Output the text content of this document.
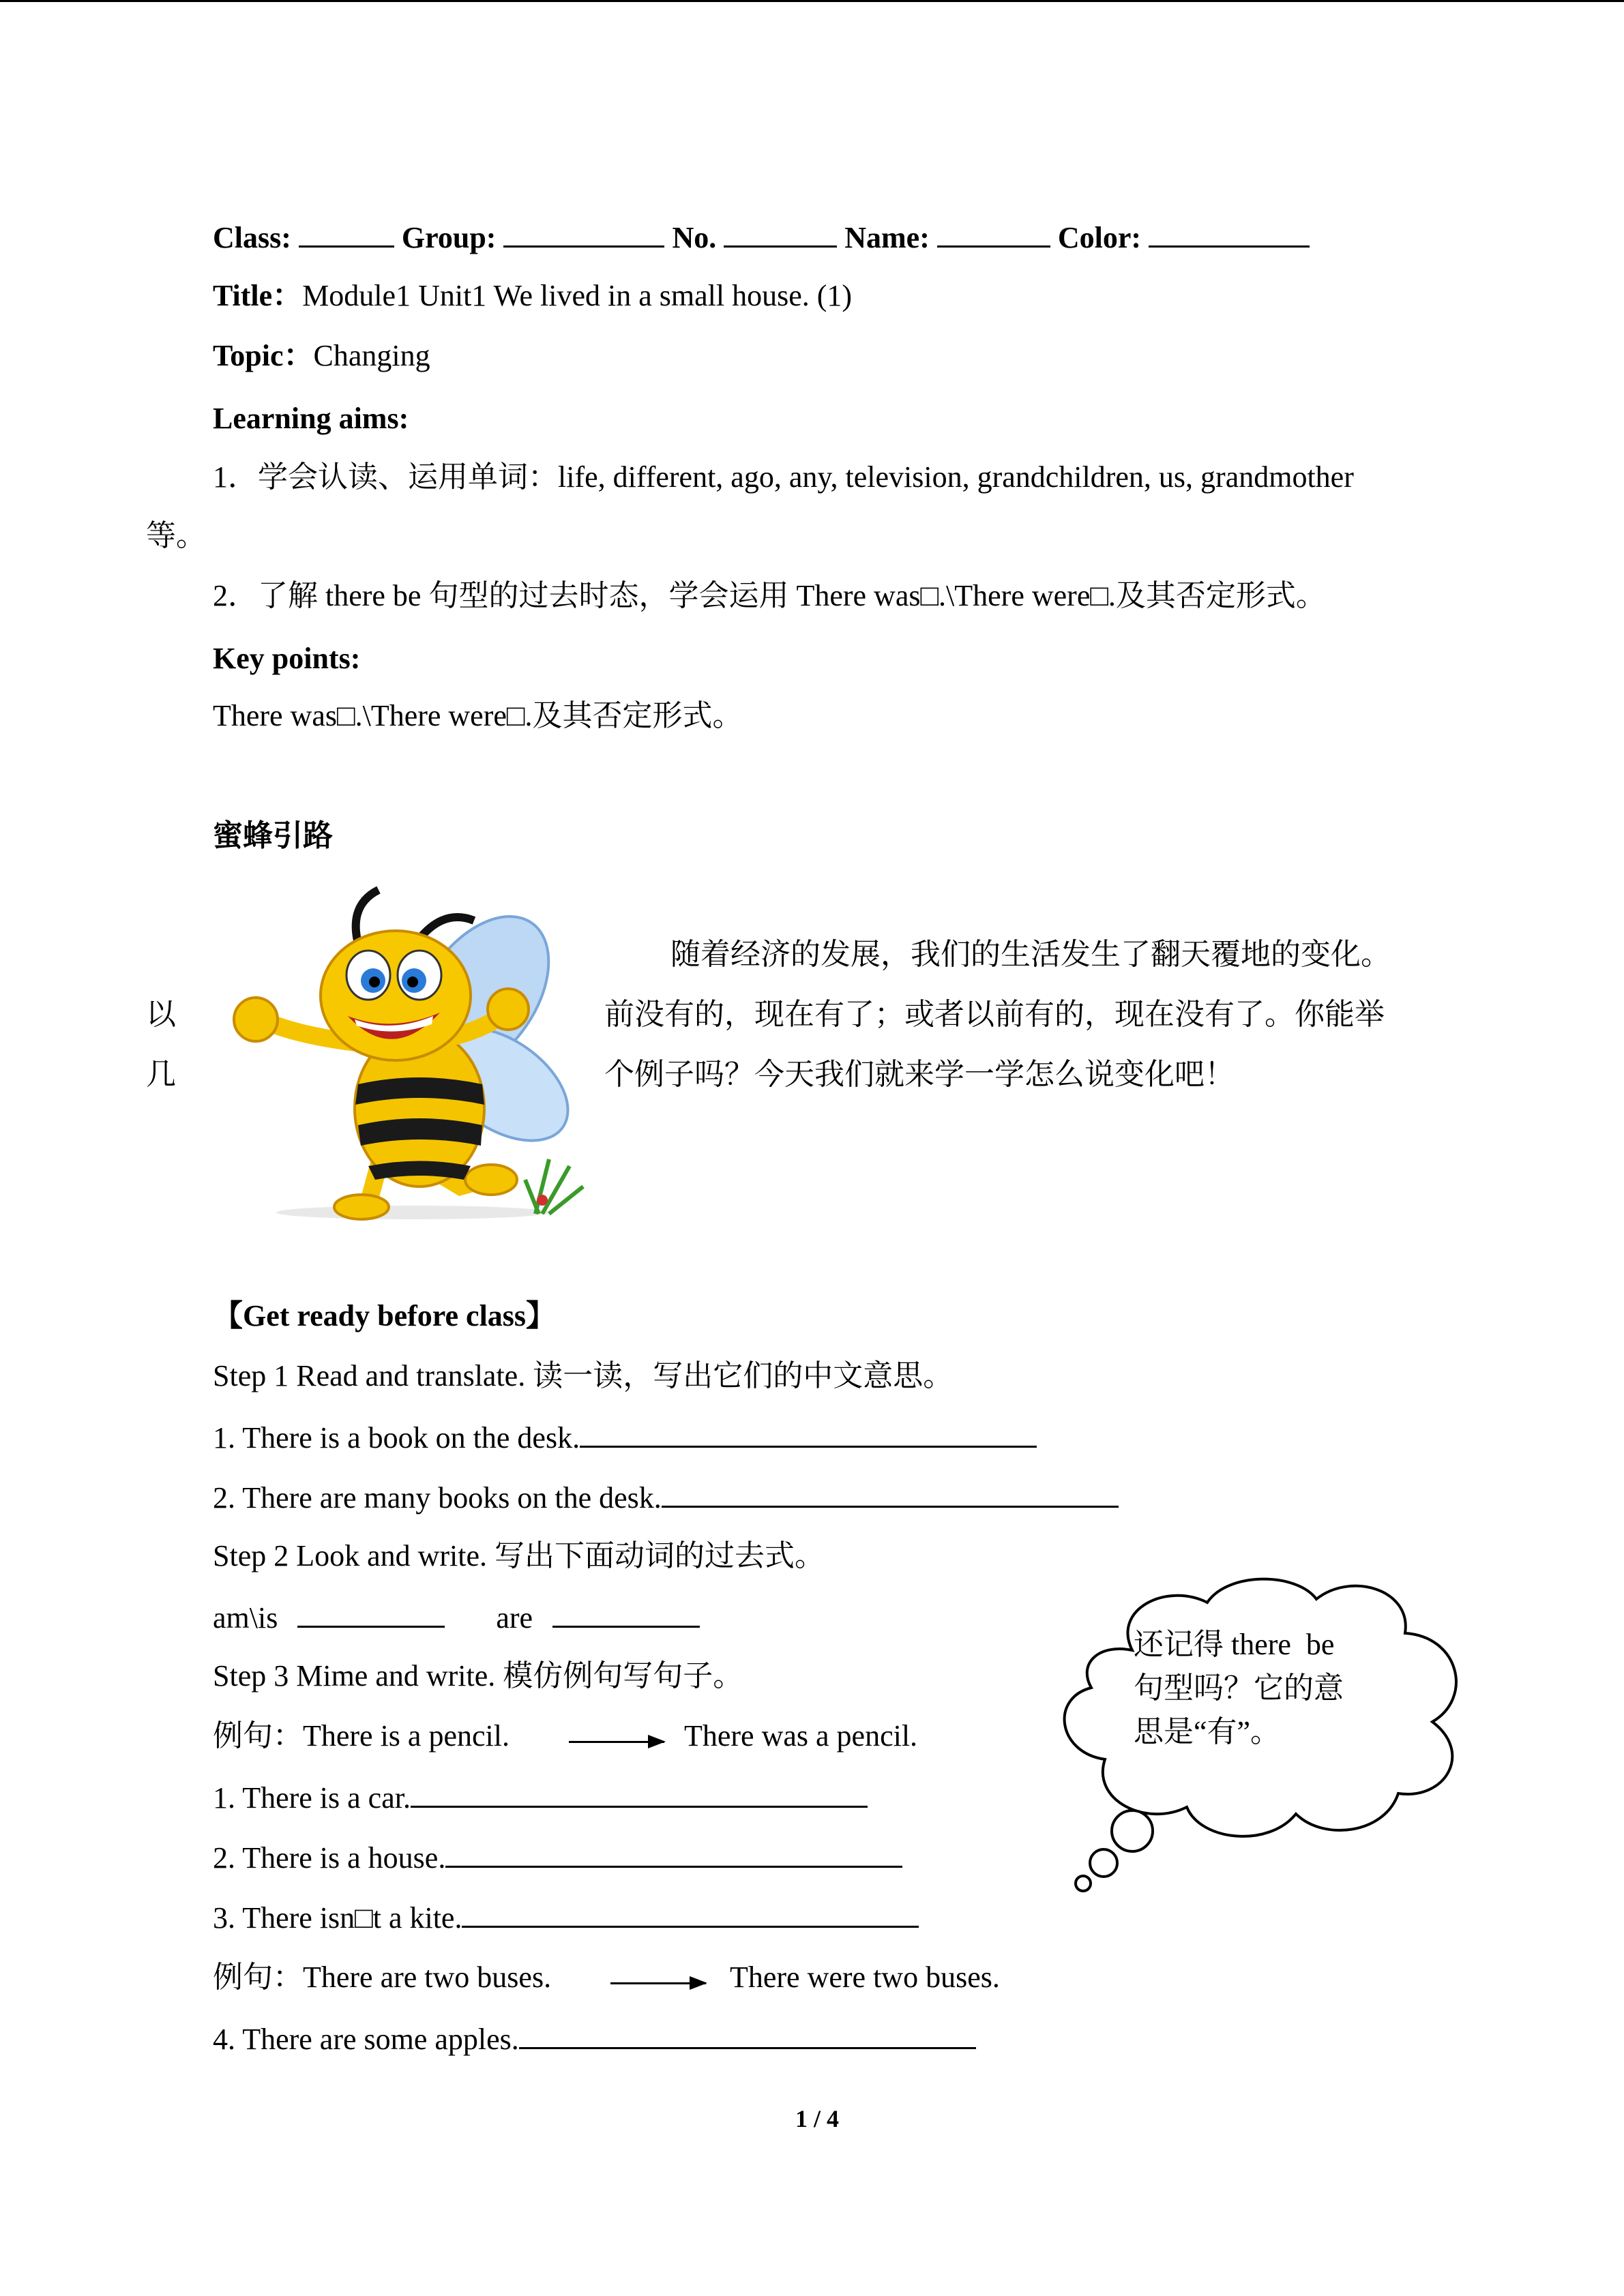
Class:	Group:	No.	Name:	Color:
Title：Module1 Unit1 We lived in a small house. (1)
Topic：Changing
Learning aims:
1．学会认读、运用单词：life, different, ago, any, television, grandchildren, us, grandmother
等。
2．了解 there be 句型的过去时态，学会运用 There was□.\There were□.及其否定形式。
Key points:
There was□.\There were□.及其否定形式。
蜜蜂引路
随着经济的发展，我们的生活发生了翻天覆地的变化。
以	前没有的，现在有了；或者以前有的，现在没有了。你能举
几	个例子吗？今天我们就来学一学怎么说变化吧！
【Get ready before class】
Step 1 Read and translate. 读一读，写出它们的中文意思。
1. There is a book on the desk.
2. There are many books on the desk.
Step 2 Look and write. 写出下面动词的过去式。
am\is	are
Step 3 Mime and write. 模仿例句写句子。
例句：There is a pencil.	There was a pencil.
1. There is a car.
2. There is a house.
3. There isn□t a kite.
例句：There are two buses.	There were two buses.
4. There are some apples.
还记得 there  be
句型吗？它的意
思是“有”。
1 / 4
